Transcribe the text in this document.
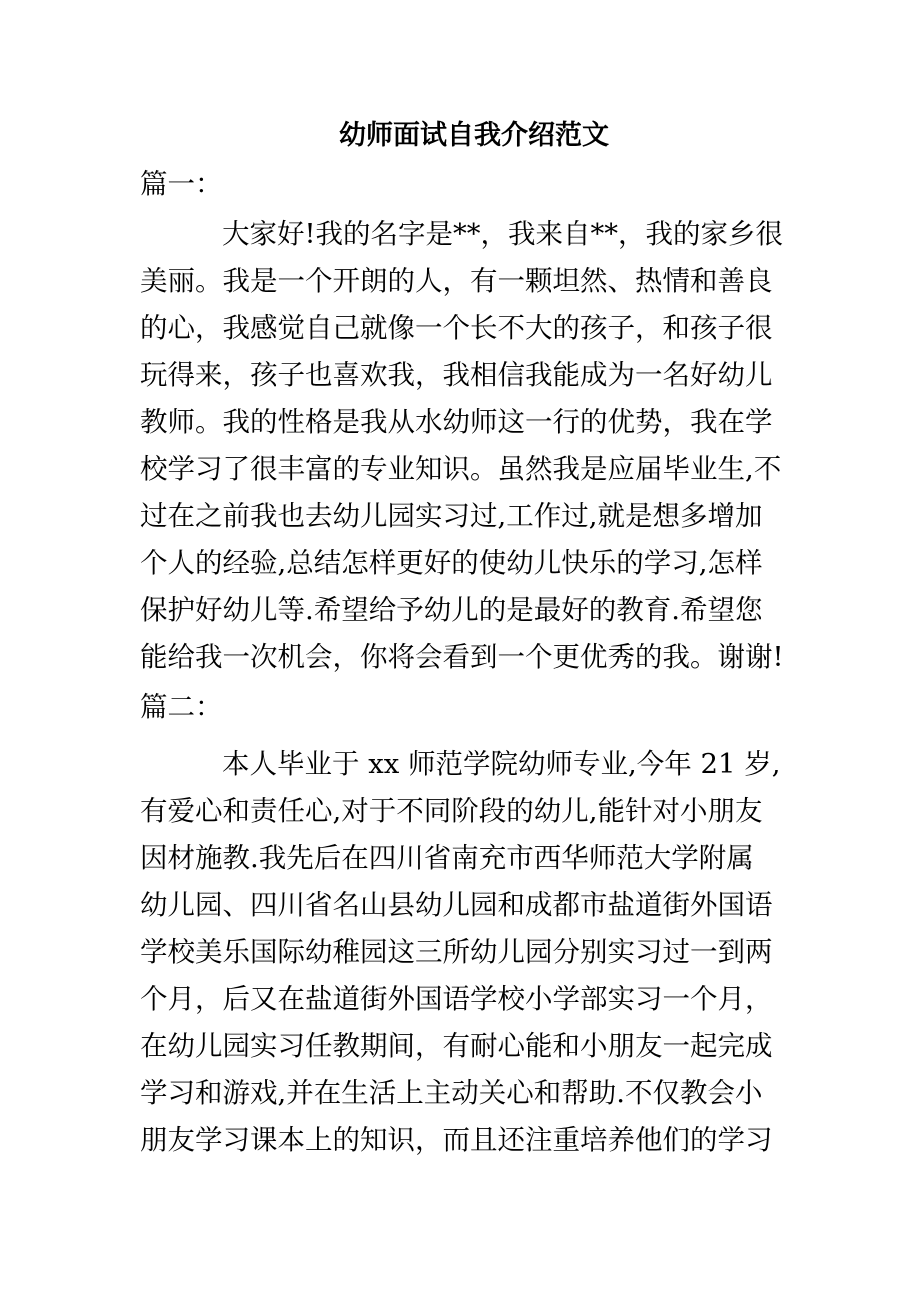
幼师面试自我介绍范文
篇一：
大家好!我的名字是**，我来自**，我的家乡很
美丽。我是一个开朗的人，有一颗坦然、热情和善良
的心，我感觉自己就像一个长不大的孩子，和孩子很
玩得来，孩子也喜欢我，我相信我能成为一名好幼儿
教师。我的性格是我从水幼师这一行的优势，我在学
校学习了很丰富的专业知识。虽然我是应届毕业生,不
过在之前我也去幼儿园实习过,工作过,就是想多增加
个人的经验,总结怎样更好的使幼儿快乐的学习,怎样
保护好幼儿等.希望给予幼儿的是最好的教育.希望您
能给我一次机会，你将会看到一个更优秀的我。谢谢!
篇二：
本人毕业于 xx 师范学院幼师专业,今年 21 岁,
有爱心和责任心,对于不同阶段的幼儿,能针对小朋友
因材施教.我先后在四川省南充市西华师范大学附属
幼儿园、四川省名山县幼儿园和成都市盐道街外国语
学校美乐国际幼稚园这三所幼儿园分别实习过一到两
个月，后又在盐道街外国语学校小学部实习一个月，
在幼儿园实习任教期间，有耐心能和小朋友一起完成
学习和游戏,并在生活上主动关心和帮助.不仅教会小
朋友学习课本上的知识，而且还注重培养他们的学习
